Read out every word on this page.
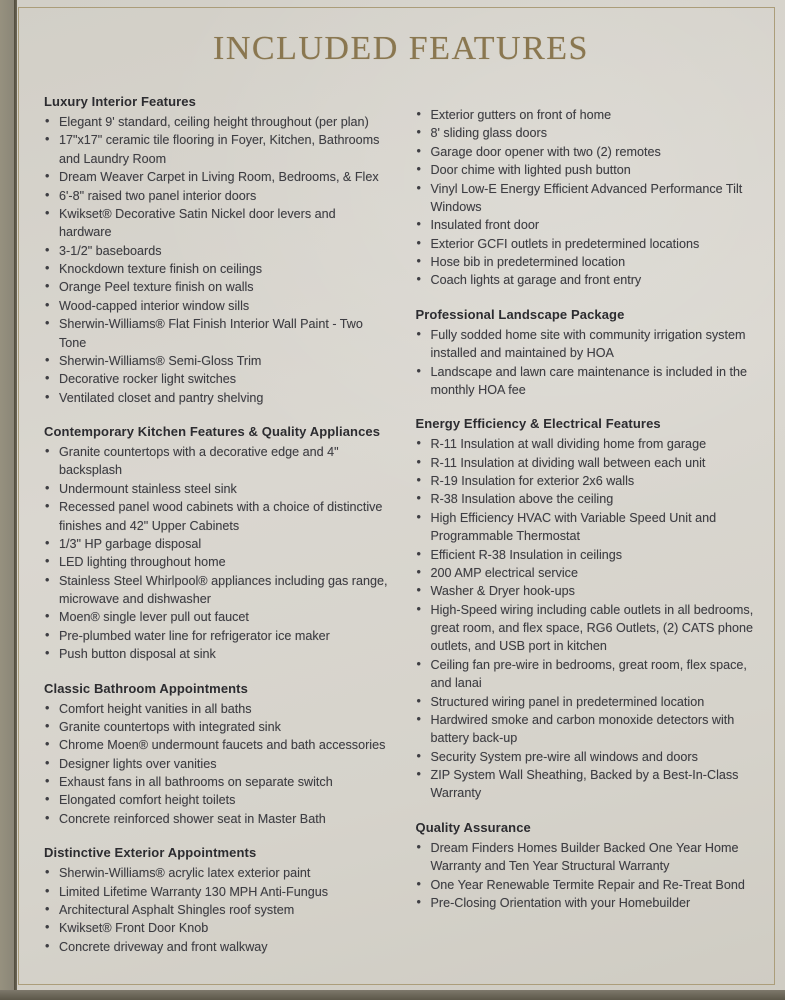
INCLUDED FEATURES
Luxury Interior Features
• Elegant 9' standard, ceiling height throughout (per plan)
• 17"x17" ceramic tile flooring in Foyer, Kitchen, Bathrooms and Laundry Room
• Dream Weaver Carpet in Living Room, Bedrooms, & Flex
• 6'-8" raised two panel interior doors
• Kwikset® Decorative Satin Nickel door levers and hardware
• 3-1/2" baseboards
• Knockdown texture finish on ceilings
• Orange Peel texture finish on walls
• Wood-capped interior window sills
• Sherwin-Williams® Flat Finish Interior Wall Paint - Two Tone
• Sherwin-Williams® Semi-Gloss Trim
• Decorative rocker light switches
• Ventilated closet and pantry shelving
Contemporary Kitchen Features & Quality Appliances
• Granite countertops with a decorative edge and 4" backsplash
• Undermount stainless steel sink
• Recessed panel wood cabinets with a choice of distinctive finishes and 42" Upper Cabinets
• 1/3" HP garbage disposal
• LED lighting throughout home
• Stainless Steel Whirlpool® appliances including gas range, microwave and dishwasher
• Moen® single lever pull out faucet
• Pre-plumbed water line for refrigerator ice maker
• Push button disposal at sink
Classic Bathroom Appointments
• Comfort height vanities in all baths
• Granite countertops with integrated sink
• Chrome Moen® undermount faucets and bath accessories
• Designer lights over vanities
• Exhaust fans in all bathrooms on separate switch
• Elongated comfort height toilets
• Concrete reinforced shower seat in Master Bath
Distinctive Exterior Appointments
• Sherwin-Williams® acrylic latex exterior paint
• Limited Lifetime Warranty 130 MPH Anti-Fungus
• Architectural Asphalt Shingles roof system
• Kwikset® Front Door Knob
• Concrete driveway and front walkway
• Exterior gutters on front of home
• 8' sliding glass doors
• Garage door opener with two (2) remotes
• Door chime with lighted push button
• Vinyl Low-E Energy Efficient Advanced Performance Tilt Windows
• Insulated front door
• Exterior GCFI outlets in predetermined locations
• Hose bib in predetermined location
• Coach lights at garage and front entry
Professional Landscape Package
• Fully sodded home site with community irrigation system installed and maintained by HOA
• Landscape and lawn care maintenance is included in the monthly HOA fee
Energy Efficiency & Electrical Features
• R-11 Insulation at wall dividing home from garage
• R-11 Insulation at dividing wall between each unit
• R-19 Insulation for exterior 2x6 walls
• R-38 Insulation above the ceiling
• High Efficiency HVAC with Variable Speed Unit and Programmable Thermostat
• Efficient R-38 Insulation in ceilings
• 200 AMP electrical service
• Washer & Dryer hook-ups
• High-Speed wiring including cable outlets in all bedrooms, great room, and flex space, RG6 Outlets, (2) CATS phone outlets, and USB port in kitchen
• Ceiling fan pre-wire in bedrooms, great room, flex space, and lanai
• Structured wiring panel in predetermined location
• Hardwired smoke and carbon monoxide detectors with battery back-up
• Security System pre-wire all windows and doors
• ZIP System Wall Sheathing, Backed by a Best-In-Class Warranty
Quality Assurance
• Dream Finders Homes Builder Backed One Year Home Warranty and Ten Year Structural Warranty
• One Year Renewable Termite Repair and Re-Treat Bond
• Pre-Closing Orientation with your Homebuilder
